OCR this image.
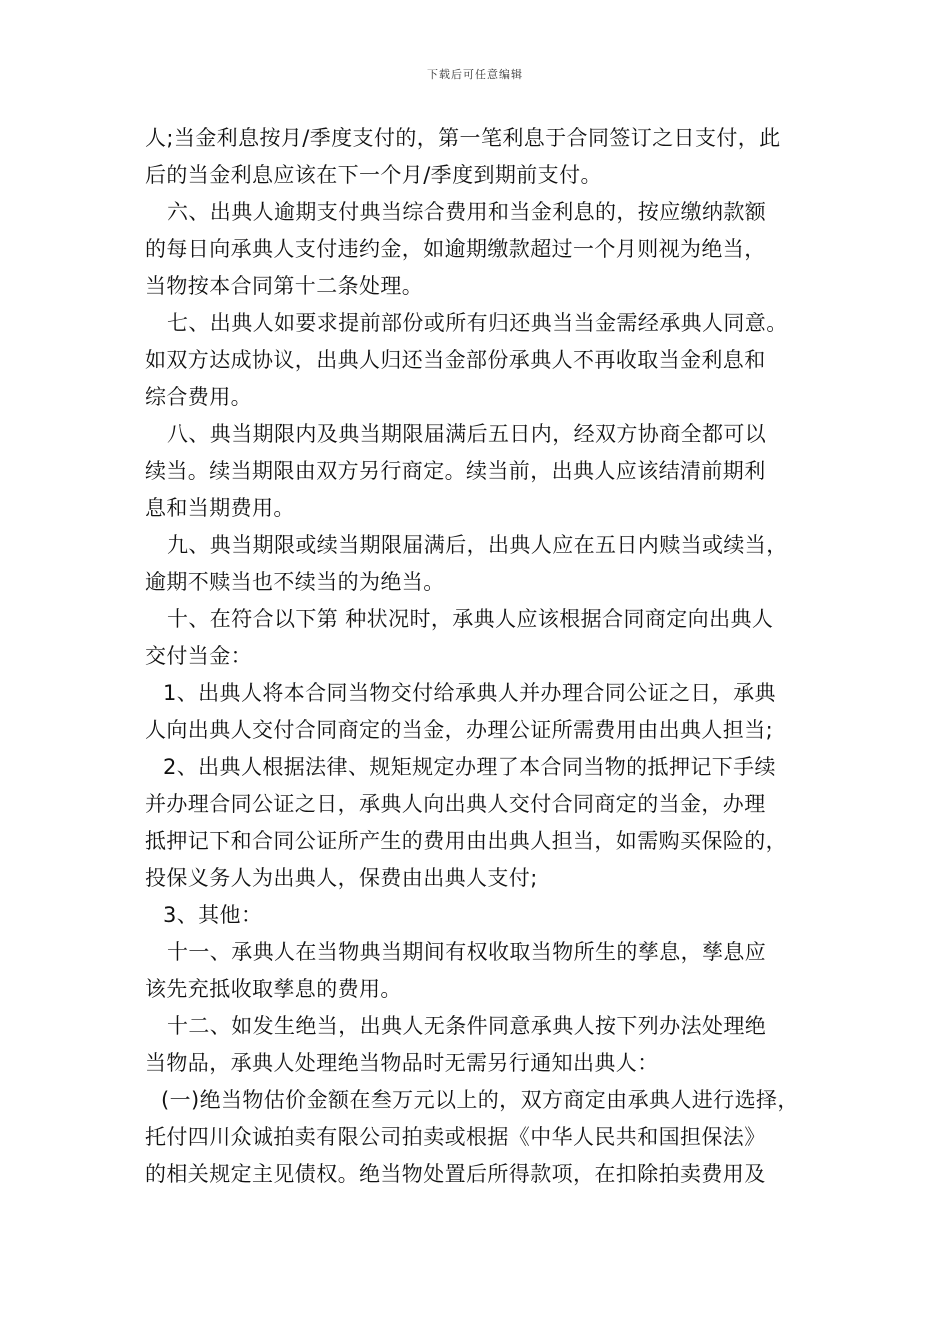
下载后可任意编辑
人;当金利息按月/季度支付的，第一笔利息于合同签订之日支付，此
后的当金利息应该在下一个月/季度到期前支付。
六、出典人逾期支付典当综合费用和当金利息的，按应缴纳款额
的每日向承典人支付违约金，如逾期缴款超过一个月则视为绝当，
当物按本合同第十二条处理。
七、出典人如要求提前部份或所有归还典当当金需经承典人同意。
如双方达成协议，出典人归还当金部份承典人不再收取当金利息和
综合费用。
八、典当期限内及典当期限届满后五日内，经双方协商全都可以
续当。续当期限由双方另行商定。续当前，出典人应该结清前期利
息和当期费用。
九、典当期限或续当期限届满后，出典人应在五日内赎当或续当，
逾期不赎当也不续当的为绝当。
十、在符合以下第 种状况时，承典人应该根据合同商定向出典人
交付当金：
1、出典人将本合同当物交付给承典人并办理合同公证之日，承典
人向出典人交付合同商定的当金，办理公证所需费用由出典人担当;
2、出典人根据法律、规矩规定办理了本合同当物的抵押记下手续
并办理合同公证之日，承典人向出典人交付合同商定的当金，办理
抵押记下和合同公证所产生的费用由出典人担当，如需购买保险的，
投保义务人为出典人，保费由出典人支付;
3、其他：
十一、承典人在当物典当期间有权收取当物所生的孳息，孳息应
该先充抵收取孳息的费用。
十二、如发生绝当，出典人无条件同意承典人按下列办法处理绝
当物品，承典人处理绝当物品时无需另行通知出典人：
(一)绝当物估价金额在叁万元以上的，双方商定由承典人进行选择，
托付四川众诚拍卖有限公司拍卖或根据《中华人民共和国担保法》
的相关规定主见债权。绝当物处置后所得款项，在扣除拍卖费用及
